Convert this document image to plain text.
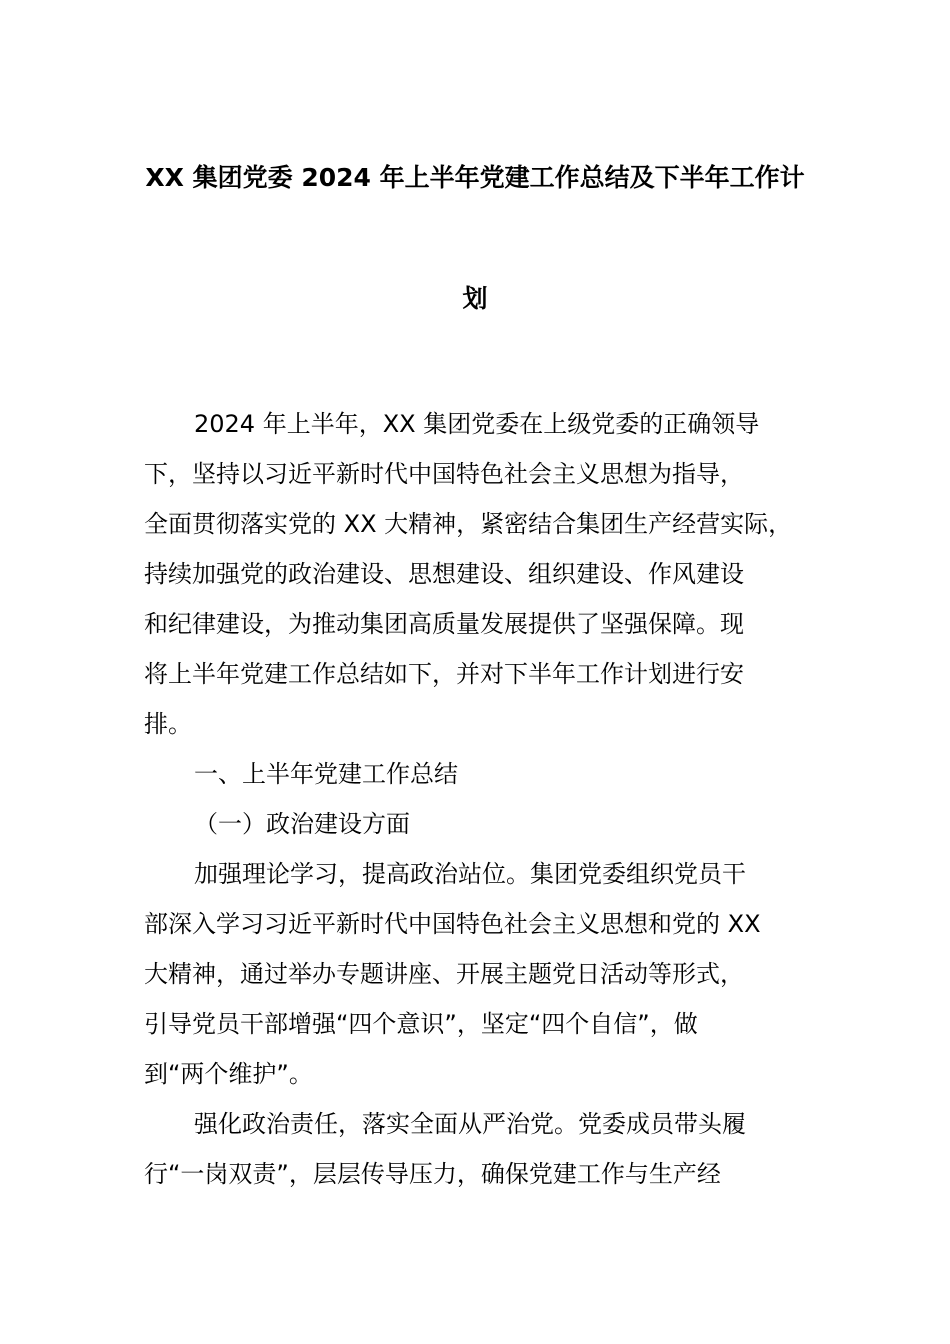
XX 集团党委 2024 年上半年党建工作总结及下半年工作计
划
2024 年上半年，XX 集团党委在上级党委的正确领导
下，坚持以习近平新时代中国特色社会主义思想为指导，
全面贯彻落实党的 XX 大精神，紧密结合集团生产经营实际，
持续加强党的政治建设、思想建设、组织建设、作风建设
和纪律建设，为推动集团高质量发展提供了坚强保障。现
将上半年党建工作总结如下，并对下半年工作计划进行安
排。
一、上半年党建工作总结
（一）政治建设方面
加强理论学习，提高政治站位。集团党委组织党员干
部深入学习习近平新时代中国特色社会主义思想和党的 XX
大精神，通过举办专题讲座、开展主题党日活动等形式，
引导党员干部增强“四个意识”，坚定“四个自信”，做
到“两个维护”。
强化政治责任，落实全面从严治党。党委成员带头履
行“一岗双责”，层层传导压力，确保党建工作与生产经
